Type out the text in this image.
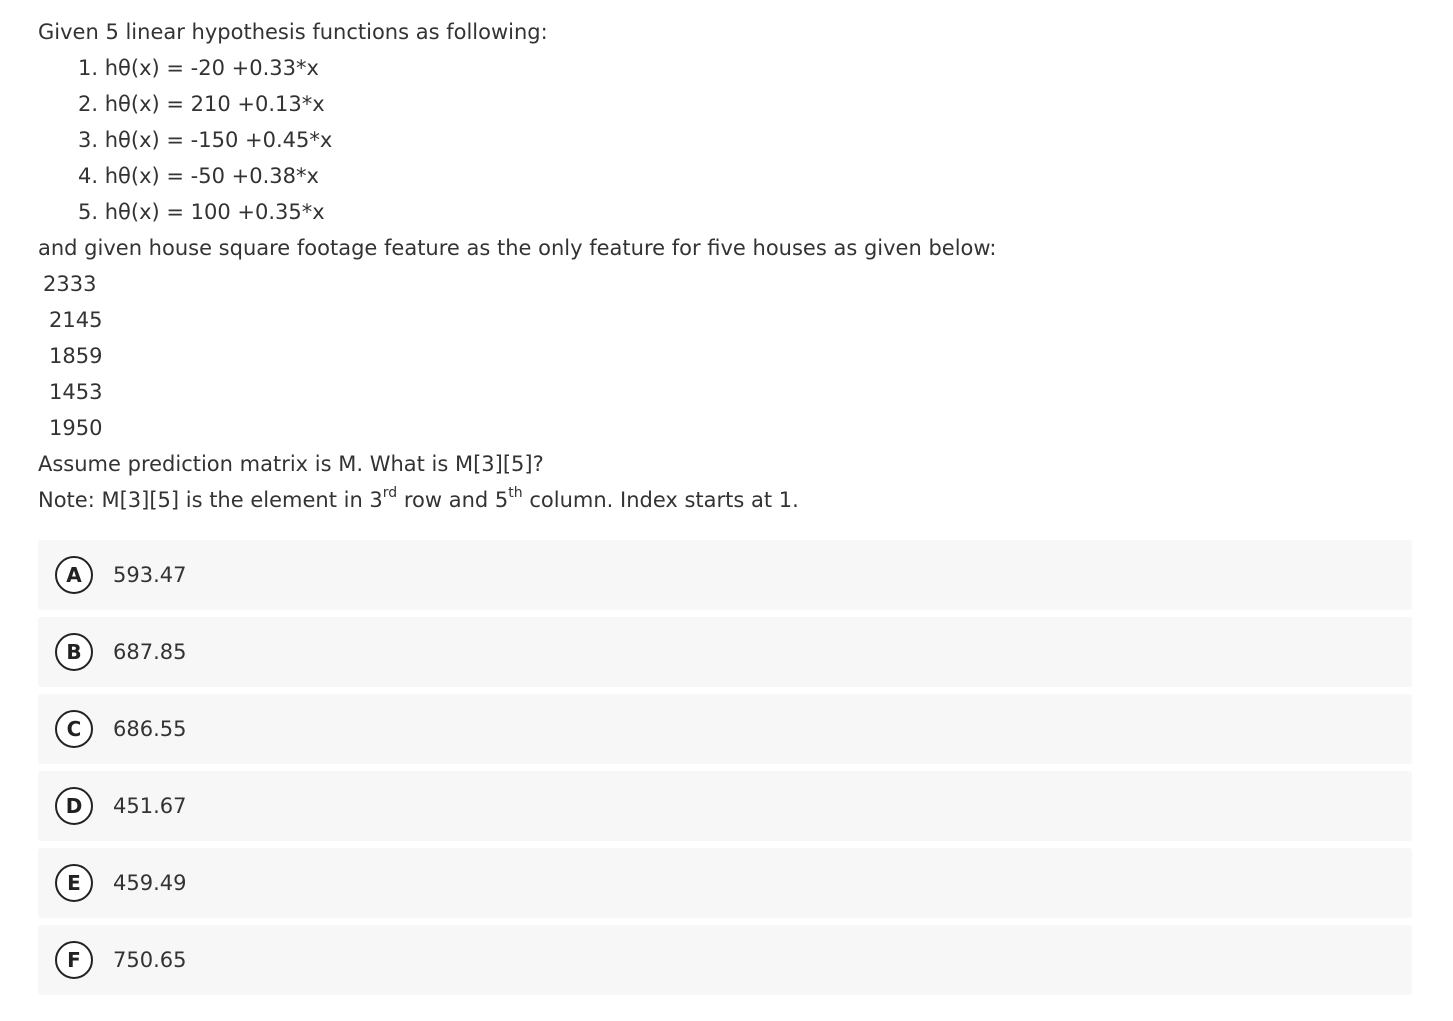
Given 5 linear hypothesis functions as following:
1. hθ(x) = -20 +0.33*x
2. hθ(x) = 210 +0.13*x
3. hθ(x) = -150 +0.45*x
4. hθ(x) = -50 +0.38*x
5. hθ(x) = 100 +0.35*x
and given house square footage feature as the only feature for five houses as given below:
2333
2145
1859
1453
1950
Assume prediction matrix is M. What is M[3][5]?
Note: M[3][5] is the element in 3rd row and 5th column. Index starts at 1.
A	593.47
B	687.85
C	686.55
D	451.67
E	459.49
F	750.65
